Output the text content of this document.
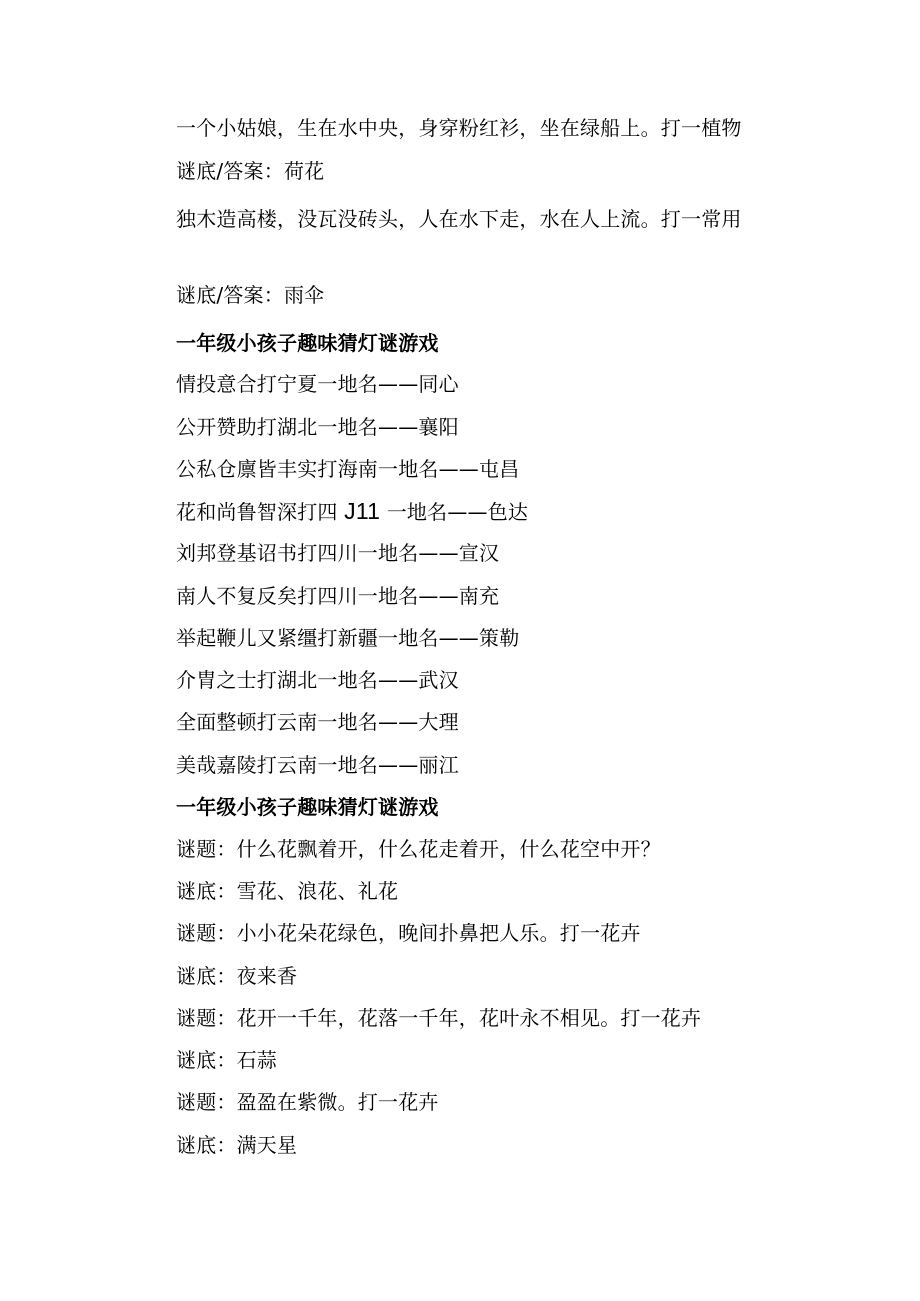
一个小姑娘，生在水中央，身穿粉红衫，坐在绿船上。打一植物
谜底/答案：荷花
独木造高楼，没瓦没砖头，人在水下走，水在人上流。打一常用
谜底/答案：雨伞
一年级小孩子趣味猜灯谜游戏
情投意合打宁夏一地名——同心
公开赞助打湖北一地名——襄阳
公私仓廪皆丰实打海南一地名——屯昌
花和尚鲁智深打四 J11 一地名——色达
刘邦登基诏书打四川一地名——宣汉
南人不复反矣打四川一地名——南充
举起鞭儿又紧缰打新疆一地名——策勒
介胄之士打湖北一地名——武汉
全面整顿打云南一地名——大理
美哉嘉陵打云南一地名——丽江
一年级小孩子趣味猜灯谜游戏
谜题：什么花飘着开，什么花走着开，什么花空中开？
谜底：雪花、浪花、礼花
谜题：小小花朵花绿色，晚间扑鼻把人乐。打一花卉
谜底：夜来香
谜题：花开一千年，花落一千年，花叶永不相见。打一花卉
谜底：石蒜
谜题：盈盈在紫微。打一花卉
谜底：满天星
